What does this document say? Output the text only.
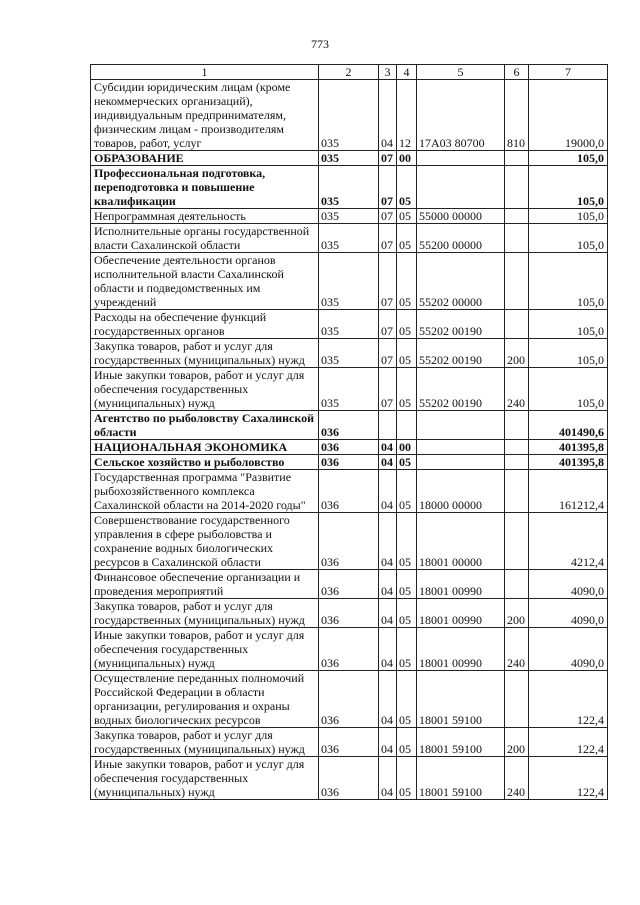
773
1	2	3	4	5	6	7
Субсидии юридическим лицам (кроме некоммерческих организаций), индивидуальным предпринимателям, физическим лицам - производителям товаров, работ, услуг	035	04	12	17А03 80700	810	19000,0
ОБРАЗОВАНИЕ	035	07	00			105,0
Профессиональная подготовка, переподготовка и повышение квалификации	035	07	05			105,0
Непрограммная деятельность	035	07	05	55000 00000		105,0
Исполнительные органы государственной власти Сахалинской области	035	07	05	55200 00000		105,0
Обеспечение деятельности органов исполнительной власти Сахалинской области и подведомственных им учреждений	035	07	05	55202 00000		105,0
Расходы на обеспечение функций государственных органов	035	07	05	55202 00190		105,0
Закупка товаров, работ и услуг для государственных (муниципальных) нужд	035	07	05	55202 00190	200	105,0
Иные закупки товаров, работ и услуг для обеспечения государственных (муниципальных) нужд	035	07	05	55202 00190	240	105,0
Агентство по рыболовству Сахалинской области	036					401490,6
НАЦИОНАЛЬНАЯ ЭКОНОМИКА	036	04	00			401395,8
Сельское хозяйство и рыболовство	036	04	05			401395,8
Государственная программа "Развитие рыбохозяйственного комплекса Сахалинской области на 2014-2020 годы"	036	04	05	18000 00000		161212,4
Совершенствование государственного управления в сфере рыболовства и сохранение водных биологических ресурсов в Сахалинской области	036	04	05	18001 00000		4212,4
Финансовое обеспечение организации и проведения мероприятий	036	04	05	18001 00990		4090,0
Закупка товаров, работ и услуг для государственных (муниципальных) нужд	036	04	05	18001 00990	200	4090,0
Иные закупки товаров, работ и услуг для обеспечения государственных (муниципальных) нужд	036	04	05	18001 00990	240	4090,0
Осуществление переданных полномочий Российской Федерации в области организации, регулирования и охраны водных биологических ресурсов	036	04	05	18001 59100		122,4
Закупка товаров, работ и услуг для государственных (муниципальных) нужд	036	04	05	18001 59100	200	122,4
Иные закупки товаров, работ и услуг для обеспечения государственных (муниципальных) нужд	036	04	05	18001 59100	240	122,4
